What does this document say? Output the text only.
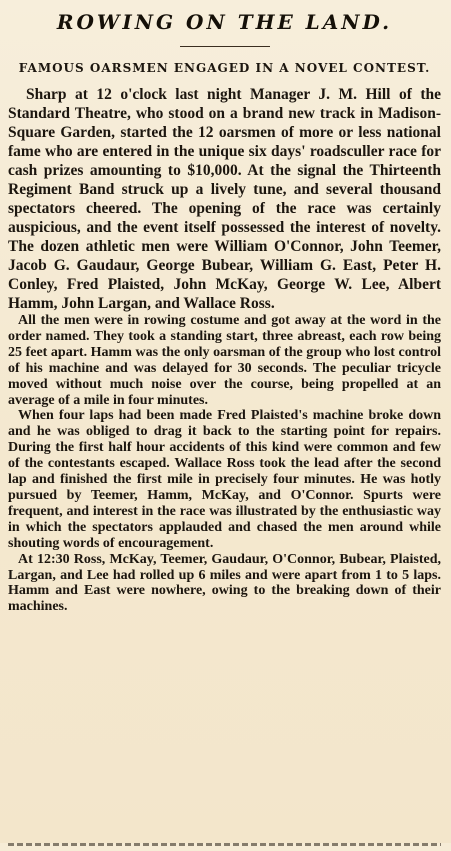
ROWING ON THE LAND.
FAMOUS OARSMEN ENGAGED IN A NOVEL CONTEST.

Sharp at 12 o'clock last night Manager J. M. Hill of the Standard Theatre, who stood on a brand new track in Madison-Square Garden, started the 12 oarsmen of more or less national fame who are entered in the unique six days' roadsculler race for cash prizes amounting to $10,000. At the signal the Thirteenth Regiment Band struck up a lively tune, and several thousand spectators cheered. The opening of the race was certainly auspicious, and the event itself possessed the interest of novelty. The dozen athletic men were William O'Connor, John Teemer, Jacob G. Gaudaur, George Bubear, William G. East, Peter H. Conley, Fred Plaisted, John McKay, George W. Lee, Albert Hamm, John Largan, and Wallace Ross.

All the men were in rowing costume and got away at the word in the order named. They took a standing start, three abreast, each row being 25 feet apart. Hamm was the only oarsman of the group who lost control of his machine and was delayed for 30 seconds. The peculiar tricycle moved without much noise over the course, being propelled at an average of a mile in four minutes.

When four laps had been made Fred Plaisted's machine broke down and he was obliged to drag it back to the starting point for repairs. During the first half hour accidents of this kind were common and few of the contestants escaped. Wallace Ross took the lead after the second lap and finished the first mile in precisely four minutes. He was hotly pursued by Teemer, Hamm, McKay, and O'Connor. Spurts were frequent, and interest in the race was illustrated by the enthusiastic way in which the spectators applauded and chased the men around while shouting words of encouragement.

At 12:30 Ross, McKay, Teemer, Gaudaur, O'Connor, Bubear, Plaisted, Largan, and Lee had rolled up 6 miles and were apart from 1 to 5 laps. Hamm and East were nowhere, owing to the breaking down of their machines.
